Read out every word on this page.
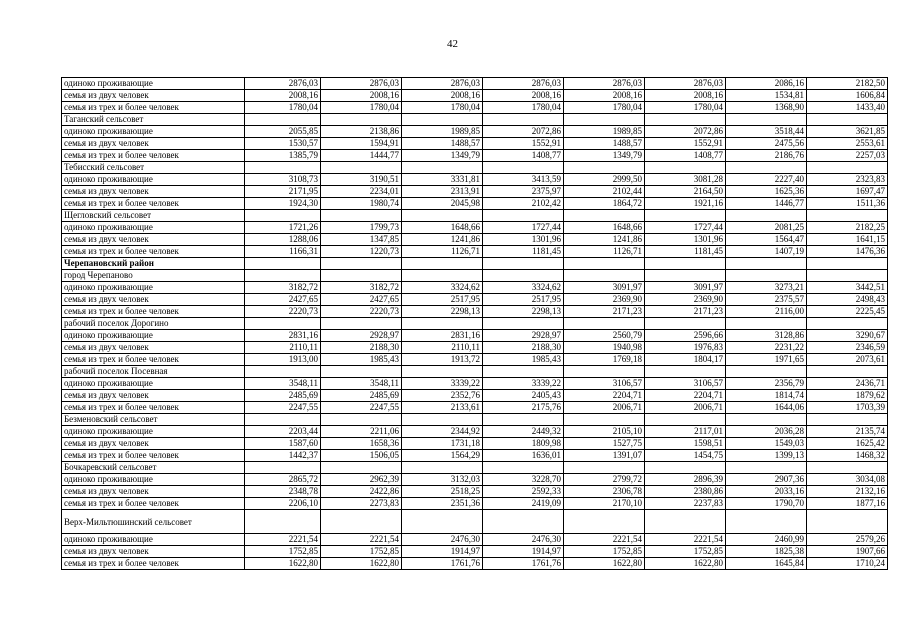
42
одиноко проживающие	2876,03	2876,03	2876,03	2876,03	2876,03	2876,03	2086,16	2182,50
семья из двух человек	2008,16	2008,16	2008,16	2008,16	2008,16	2008,16	1534,81	1606,84
семья из трех и более человек	1780,04	1780,04	1780,04	1780,04	1780,04	1780,04	1368,90	1433,40
Таганский сельсовет								
одиноко проживающие	2055,85	2138,86	1989,85	2072,86	1989,85	2072,86	3518,44	3621,85
семья из двух человек	1530,57	1594,91	1488,57	1552,91	1488,57	1552,91	2475,56	2553,61
семья из трех и более человек	1385,79	1444,77	1349,79	1408,77	1349,79	1408,77	2186,76	2257,03
Тебисский сельсовет								
одиноко проживающие	3108,73	3190,51	3331,81	3413,59	2999,50	3081,28	2227,40	2323,83
семья из двух человек	2171,95	2234,01	2313,91	2375,97	2102,44	2164,50	1625,36	1697,47
семья из трех и более человек	1924,30	1980,74	2045,98	2102,42	1864,72	1921,16	1446,77	1511,36
Щегловский сельсовет								
одиноко проживающие	1721,26	1799,73	1648,66	1727,44	1648,66	1727,44	2081,25	2182,25
семья из двух человек	1288,06	1347,85	1241,86	1301,96	1241,86	1301,96	1564,47	1641,15
семья из трех и более человек	1166,31	1220,73	1126,71	1181,45	1126,71	1181,45	1407,19	1476,36
Черепановский район								
город Черепаново								
одиноко проживающие	3182,72	3182,72	3324,62	3324,62	3091,97	3091,97	3273,21	3442,51
семья из двух человек	2427,65	2427,65	2517,95	2517,95	2369,90	2369,90	2375,57	2498,43
семья из трех и более человек	2220,73	2220,73	2298,13	2298,13	2171,23	2171,23	2116,00	2225,45
рабочий поселок Дорогино								
одиноко проживающие	2831,16	2928,97	2831,16	2928,97	2560,79	2596,66	3128,86	3290,67
семья из двух человек	2110,11	2188,30	2110,11	2188,30	1940,98	1976,83	2231,22	2346,59
семья из трех и более человек	1913,00	1985,43	1913,72	1985,43	1769,18	1804,17	1971,65	2073,61
рабочий поселок Посевная								
одиноко проживающие	3548,11	3548,11	3339,22	3339,22	3106,57	3106,57	2356,79	2436,71
семья из двух человек	2485,69	2485,69	2352,76	2405,43	2204,71	2204,71	1814,74	1879,62
семья из трех и более человек	2247,55	2247,55	2133,61	2175,76	2006,71	2006,71	1644,06	1703,39
Безменовский сельсовет								
одиноко проживающие	2203,44	2211,06	2344,92	2449,32	2105,10	2117,01	2036,28	2135,74
семья из двух человек	1587,60	1658,36	1731,18	1809,98	1527,75	1598,51	1549,03	1625,42
семья из трех и более человек	1442,37	1506,05	1564,29	1636,01	1391,07	1454,75	1399,13	1468,32
Бочкаревский сельсовет								
одиноко проживающие	2865,72	2962,39	3132,03	3228,70	2799,72	2896,39	2907,36	3034,08
семья из двух человек	2348,78	2422,86	2518,25	2592,33	2306,78	2380,86	2033,16	2132,16
семья из трех и более человек	2206,10	2273,83	2351,36	2419,09	2170,10	2237,83	1790,70	1877,16
Верх-Мильтюшинский сельсовет								
одиноко проживающие	2221,54	2221,54	2476,30	2476,30	2221,54	2221,54	2460,99	2579,26
семья из двух человек	1752,85	1752,85	1914,97	1914,97	1752,85	1752,85	1825,38	1907,66
семья из трех и более человек	1622,80	1622,80	1761,76	1761,76	1622,80	1622,80	1645,84	1710,24
